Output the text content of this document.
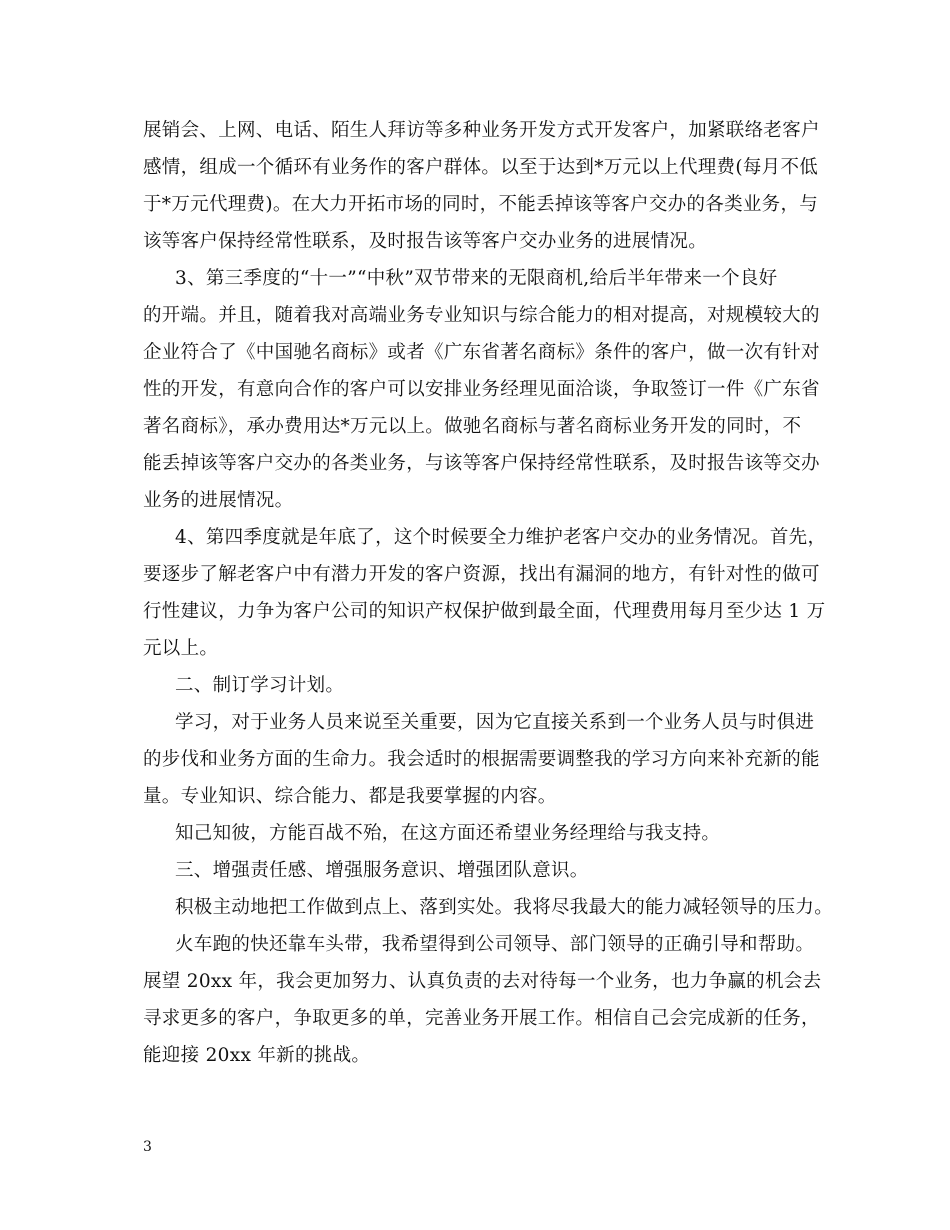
展销会、上网、电话、陌生人拜访等多种业务开发方式开发客户，加紧联络老客户
感情，组成一个循环有业务作的客户群体。以至于达到*万元以上代理费(每月不低
于*万元代理费)。在大力开拓市场的同时，不能丢掉该等客户交办的各类业务，与
该等客户保持经常性联系，及时报告该等客户交办业务的进展情况。
3、第三季度的“十一”“中秋”双节带来的无限商机,给后半年带来一个良好
的开端。并且，随着我对高端业务专业知识与综合能力的相对提高，对规模较大的
企业符合了《中国驰名商标》或者《广东省著名商标》条件的客户，做一次有针对
性的开发，有意向合作的客户可以安排业务经理见面洽谈，争取签订一件《广东省
著名商标》，承办费用达*万元以上。做驰名商标与著名商标业务开发的同时，不
能丢掉该等客户交办的各类业务，与该等客户保持经常性联系，及时报告该等交办
业务的进展情况。
4、第四季度就是年底了，这个时候要全力维护老客户交办的业务情况。首先，
要逐步了解老客户中有潜力开发的客户资源，找出有漏洞的地方，有针对性的做可
行性建议，力争为客户公司的知识产权保护做到最全面，代理费用每月至少达 1 万
元以上。
二、制订学习计划。
学习，对于业务人员来说至关重要，因为它直接关系到一个业务人员与时俱进
的步伐和业务方面的生命力。我会适时的根据需要调整我的学习方向来补充新的能
量。专业知识、综合能力、都是我要掌握的内容。
知己知彼，方能百战不殆，在这方面还希望业务经理给与我支持。
三、增强责任感、增强服务意识、增强团队意识。
积极主动地把工作做到点上、落到实处。我将尽我最大的能力减轻领导的压力。
火车跑的快还靠车头带，我希望得到公司领导、部门领导的正确引导和帮助。
展望 20xx 年，我会更加努力、认真负责的去对待每一个业务，也力争赢的机会去
寻求更多的客户，争取更多的单，完善业务开展工作。相信自己会完成新的任务，
能迎接 20xx 年新的挑战。
3
